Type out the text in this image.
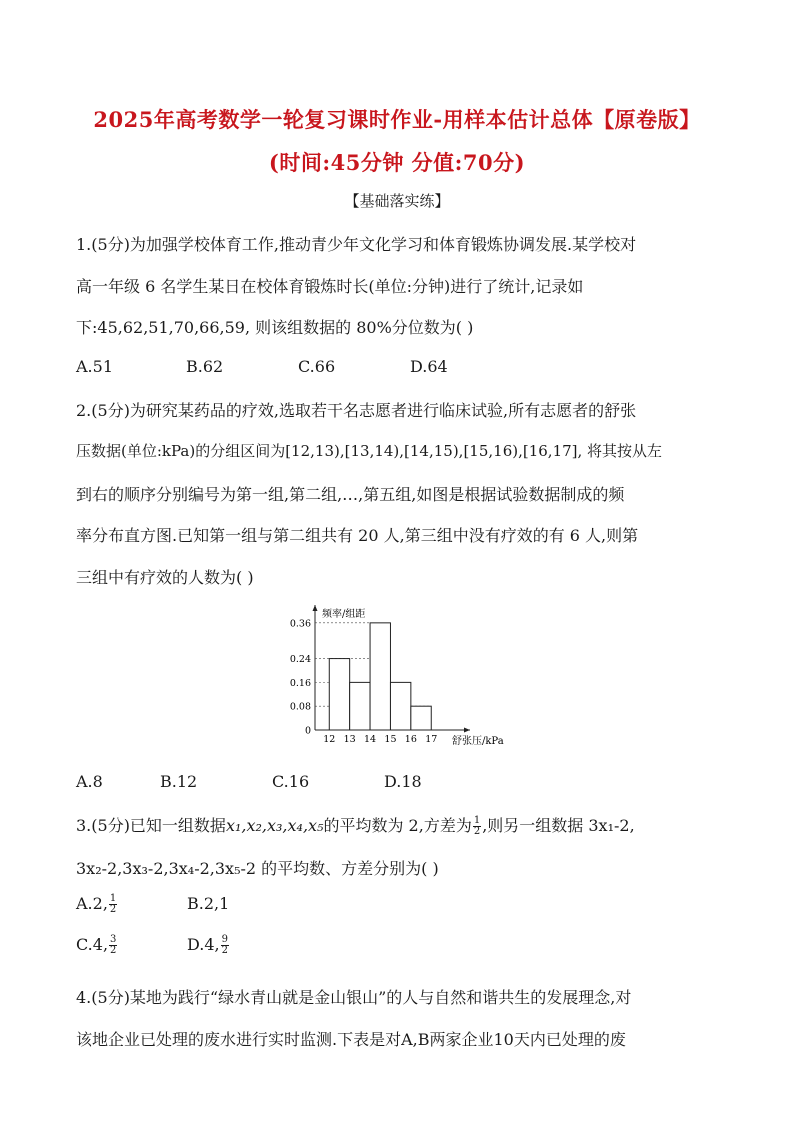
2025年高考数学一轮复习课时作业-用样本估计总体【原卷版】
(时间:45分钟 分值:70分)
【基础落实练】
1.(5分)为加强学校体育工作,推动青少年文化学习和体育锻炼协调发展.某学校对
高一年级 6 名学生某日在校体育锻炼时长(单位:分钟)进行了统计,记录如
下:45,62,51,70,66,59, 则该组数据的 80%分位数为( )
A.51	B.62	C.66	D.64
2.(5分)为研究某药品的疗效,选取若干名志愿者进行临床试验,所有志愿者的舒张
压数据(单位:kPa)的分组区间为[12,13),[13,14),[14,15),[15,16),[16,17], 将其按从左
到右的顺序分别编号为第一组,第二组,…,第五组,如图是根据试验数据制成的频
率分布直方图.已知第一组与第二组共有 20 人,第三组中没有疗效的有 6 人,则第
三组中有疗效的人数为( )
0
0.08
0.16
0.24
0.36
12 13 14 15 16 17
频率/组距
舒张压/kPa
A.8	B.12	C.16	D.18
3.(5分)已知一组数据x₁,x₂,x₃,x₄,x₅的平均数为 2,方差为 $\frac{1}{2}$ ,则另一组数据 3x₁-2,
3x₂-2,3x₃-2,3x₄-2,3x₅-2 的平均数、方差分别为( )
A.2, $\frac{1}{2}$	B.2,1
C.4, $\frac{3}{2}$	D.4, $\frac{9}{2}$
4.(5分)某地为践行“绿水青山就是金山银山”的人与自然和谐共生的发展理念,对
该地企业已处理的废水进行实时监测.下表是对A,B两家企业10天内已处理的废
